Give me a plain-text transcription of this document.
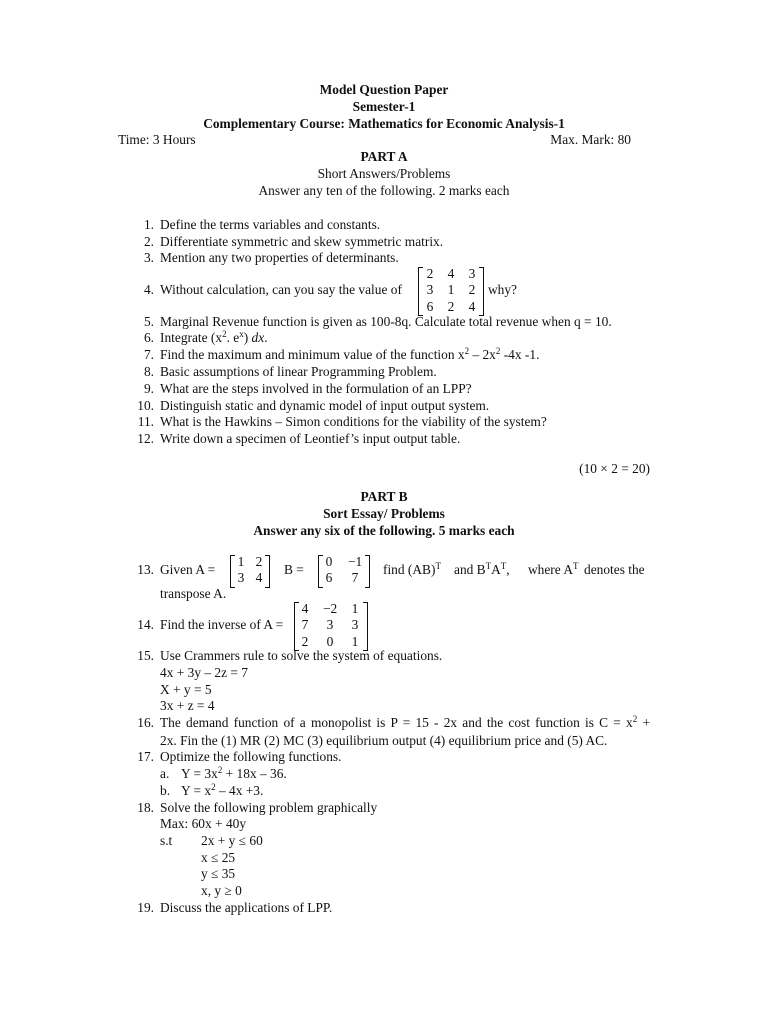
Model Question Paper
Semester-1
Complementary Course: Mathematics for Economic Analysis-1
Time: 3 Hours	Max. Mark: 80
PART A
Short Answers/Problems
Answer any ten of the following. 2 marks each
1. Define the terms variables and constants.
2. Differentiate symmetric and skew symmetric matrix.
3. Mention any two properties of determinants.
4. Without calculation, can you say the value of
2 4 3
3 1 2
6 2 4
why?
5. Marginal Revenue function is given as 100-8q. Calculate total revenue when q = 10.
6. Integrate ($x^2$. $e^x$) dx.
7. Find the maximum and minimum value of the function $x^2 - 2x^2$ -4x -1.
8. Basic assumptions of linear Programming Problem.
9. What are the steps involved in the formulation of an LPP?
10. Distinguish static and dynamic model of input output system.
11. What is the Hawkins – Simon conditions for the viability of the system?
12. Write down a specimen of Leontief’s input output table.
(10 × 2 = 20)
PART B
Sort Essay/ Problems
Answer any six of the following. 5 marks each
13. Given A =
1 2
3 4
B =
0 −1
6 7
find (AB)$^T$ and $B^TA^T$, where $A^T$ denotes the
transpose A.
14. Find the inverse of A =
4 −2 1
7 3 3
2 0 1
15. Use Crammers rule to solve the system of equations.
4x + 3y – 2z = 7
X + y = 5
3x + z = 4
16. The demand function of a monopolist is P = 15 - 2x and the cost function is $C = x^2$ +
2x. Fin the (1) MR (2) MC (3) equilibrium output (4) equilibrium price and (5) AC.
17. Optimize the following functions.
a. $Y = 3x^2 + 18x - 36$.
b. $Y = x^2 - 4x +3$.
18. Solve the following problem graphically
Max: 60x + 40y
s.t 2x + y ≤ 60
x ≤ 25
y ≤ 35
x, y ≥ 0
19. Discuss the applications of LPP.
